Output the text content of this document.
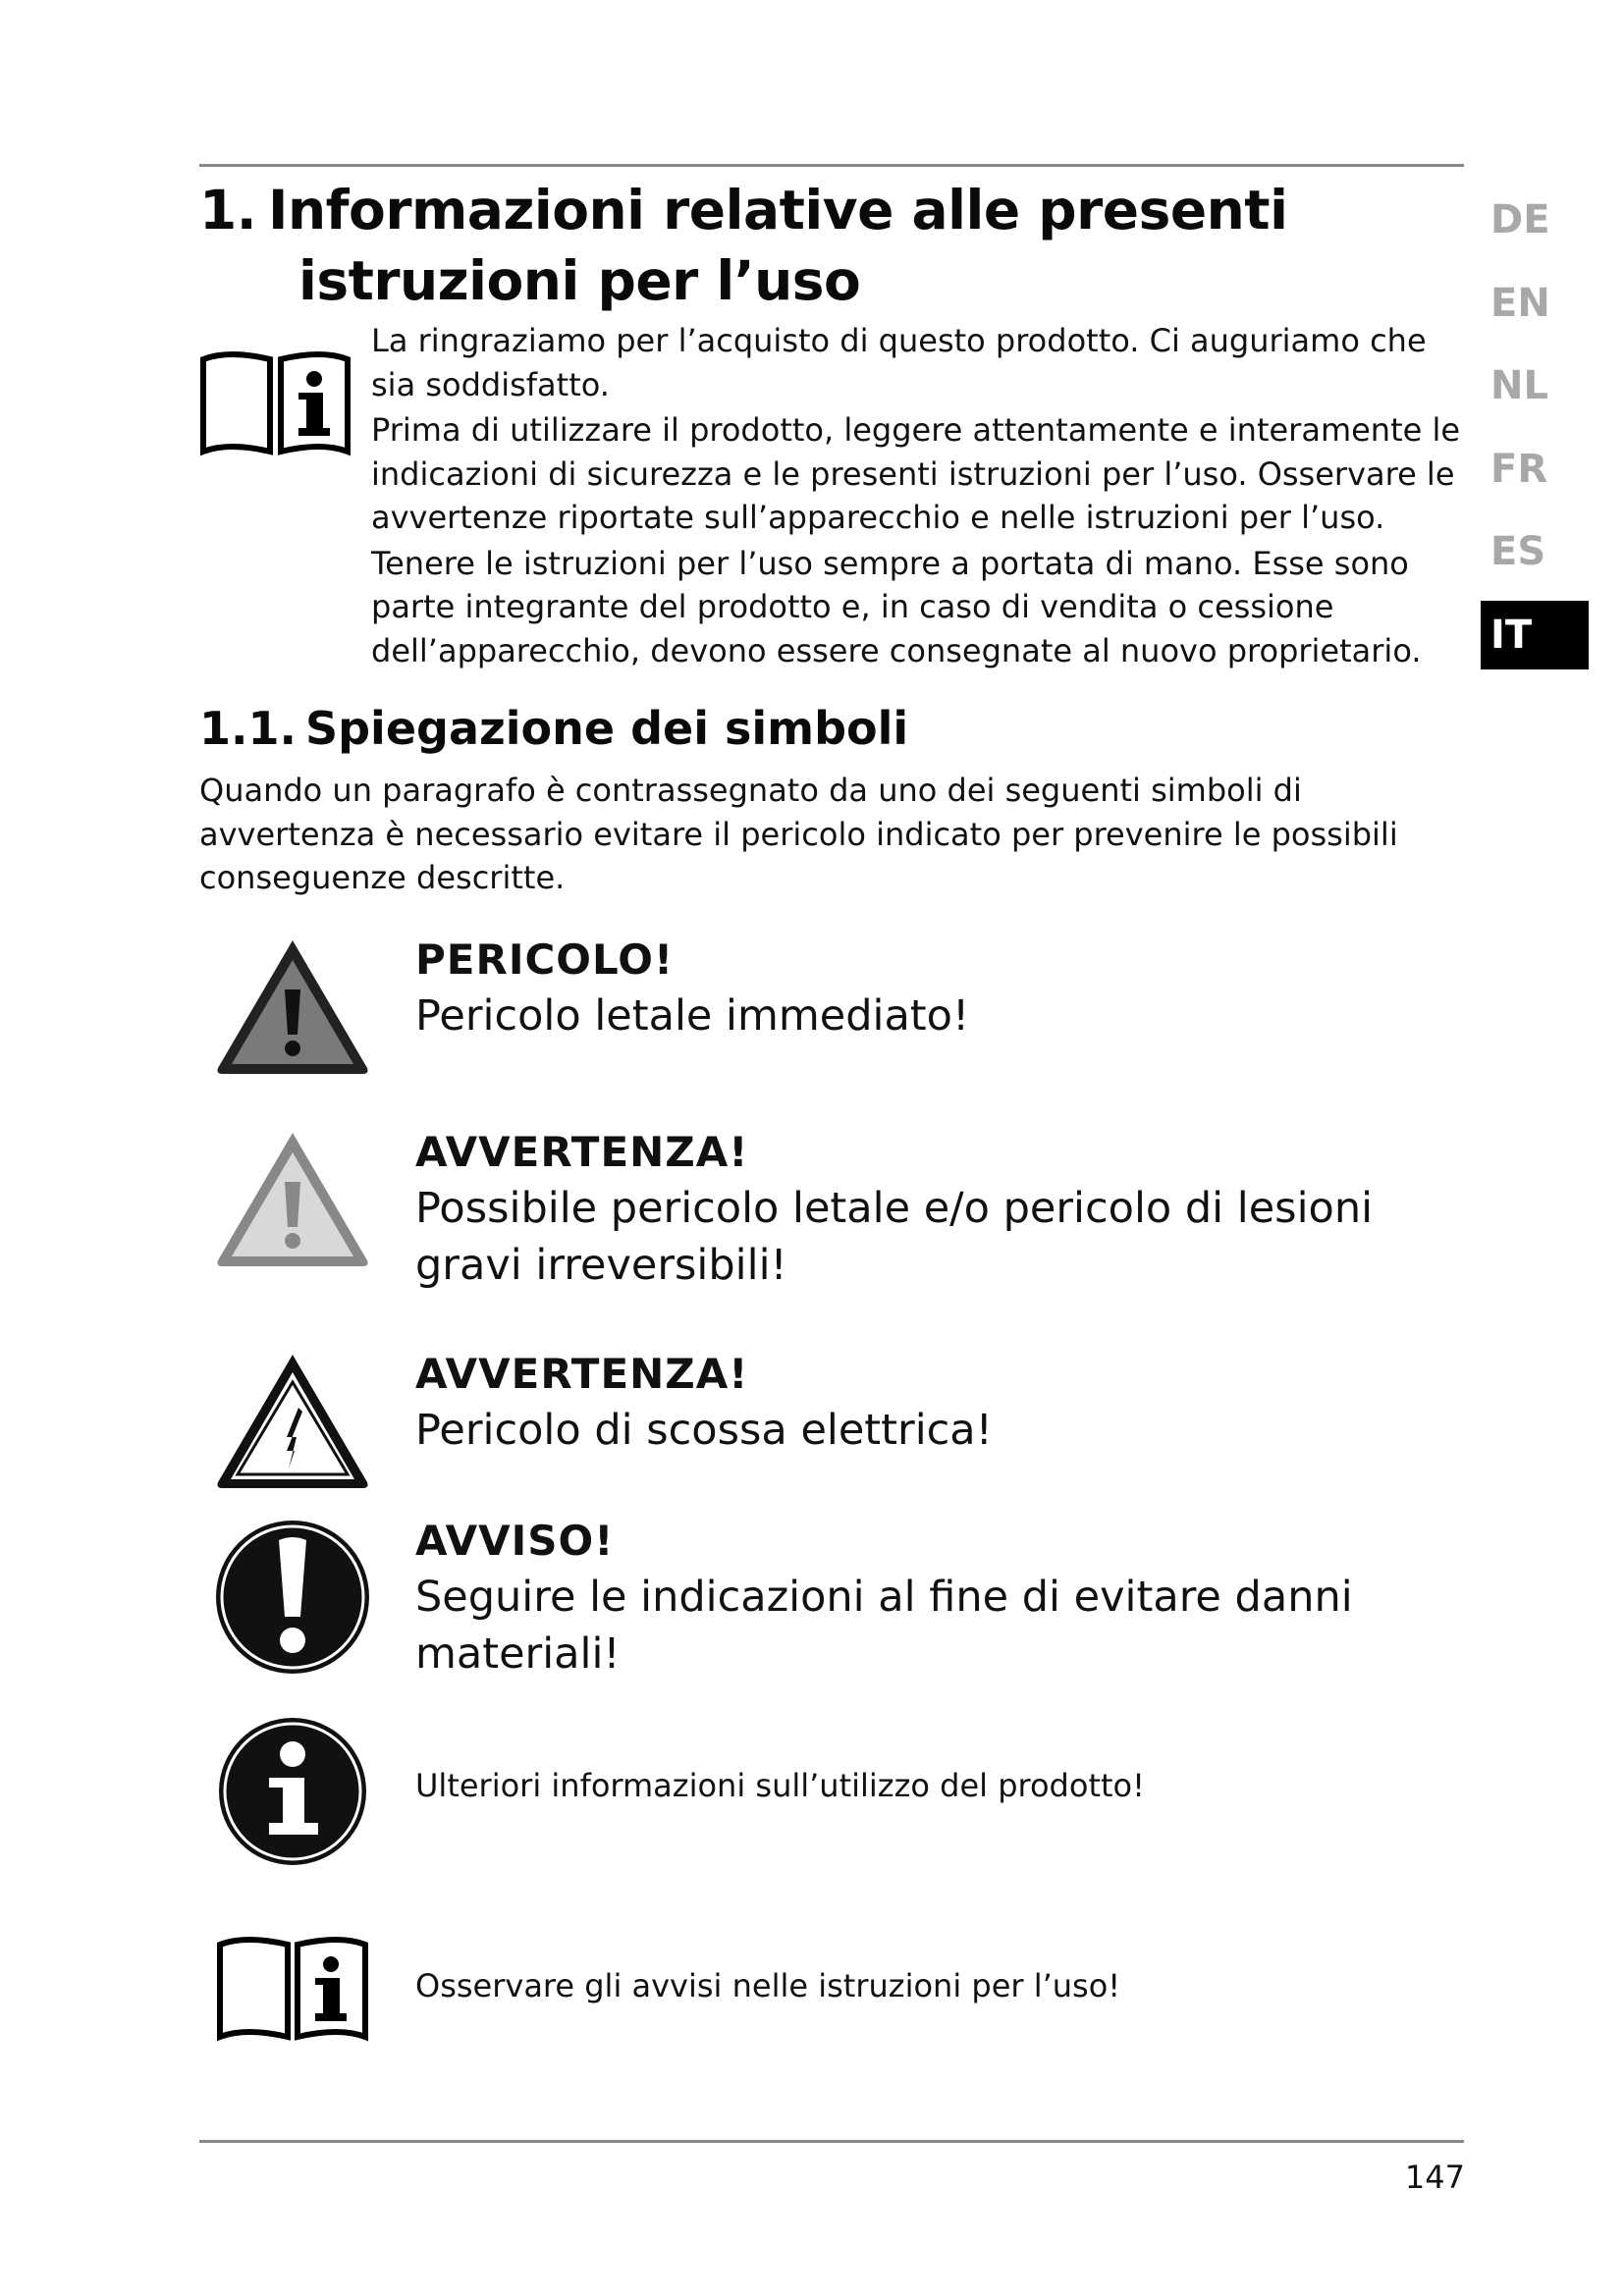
1. Informazioni relative alle presenti
istruzioni per l’uso

La ringraziamo per l’acquisto di questo prodotto. Ci auguriamo che sia soddisfatto.

Prima di utilizzare il prodotto, leggere attentamente e interamente le indicazioni di sicurezza e le presenti istruzioni per l’uso. Osservare le avvertenze riportate sull’apparecchio e nelle istruzioni per l’uso.

Tenere le istruzioni per l’uso sempre a portata di mano. Esse sono parte integrante del prodotto e, in caso di vendita o cessione dell’apparecchio, devono essere consegnate al nuovo proprietario.

1.1. Spiegazione dei simboli
Quando un paragrafo è contrassegnato da uno dei seguenti simboli di avvertenza è necessario evitare il pericolo indicato per prevenire le possibili conseguenze descritte.
PERICOLO!
Pericolo letale immediato!
AVVERTENZA!
Possibile pericolo letale e/o pericolo di lesioni gravi irreversibili!
AVVERTENZA!
Pericolo di scossa elettrica!
AVVISO!
Seguire le indicazioni al fine di evitare danni materiali!
Ulteriori informazioni sull’utilizzo del prodotto!
Osservare gli avvisi nelle istruzioni per l’uso!
DE
EN
NL
FR
ES
IT
147
